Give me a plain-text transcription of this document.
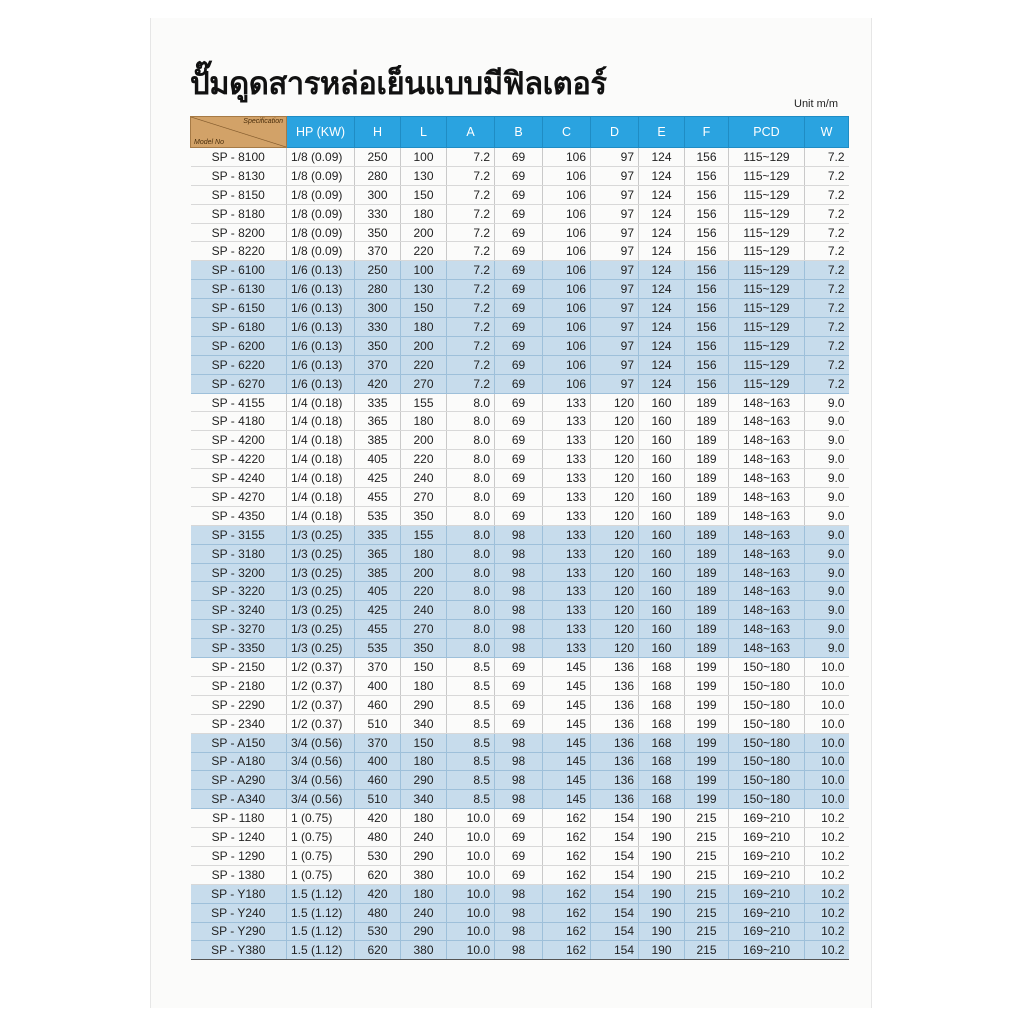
ปั๊มดูดสารหล่อเย็นแบบมีฟิลเตอร์
Unit m/m
Specification
Model No	HP (KW)	H	L	A	B	C	D	E	F	PCD	W
SP - 8100	1/8 (0.09)	250	100	7.2	69	106	97	124	156	115~129	7.2
SP - 8130	1/8 (0.09)	280	130	7.2	69	106	97	124	156	115~129	7.2
SP - 8150	1/8 (0.09)	300	150	7.2	69	106	97	124	156	115~129	7.2
SP - 8180	1/8 (0.09)	330	180	7.2	69	106	97	124	156	115~129	7.2
SP - 8200	1/8 (0.09)	350	200	7.2	69	106	97	124	156	115~129	7.2
SP - 8220	1/8 (0.09)	370	220	7.2	69	106	97	124	156	115~129	7.2
SP - 6100	1/6 (0.13)	250	100	7.2	69	106	97	124	156	115~129	7.2
SP - 6130	1/6 (0.13)	280	130	7.2	69	106	97	124	156	115~129	7.2
SP - 6150	1/6 (0.13)	300	150	7.2	69	106	97	124	156	115~129	7.2
SP - 6180	1/6 (0.13)	330	180	7.2	69	106	97	124	156	115~129	7.2
SP - 6200	1/6 (0.13)	350	200	7.2	69	106	97	124	156	115~129	7.2
SP - 6220	1/6 (0.13)	370	220	7.2	69	106	97	124	156	115~129	7.2
SP - 6270	1/6 (0.13)	420	270	7.2	69	106	97	124	156	115~129	7.2
SP - 4155	1/4 (0.18)	335	155	8.0	69	133	120	160	189	148~163	9.0
SP - 4180	1/4 (0.18)	365	180	8.0	69	133	120	160	189	148~163	9.0
SP - 4200	1/4 (0.18)	385	200	8.0	69	133	120	160	189	148~163	9.0
SP - 4220	1/4 (0.18)	405	220	8.0	69	133	120	160	189	148~163	9.0
SP - 4240	1/4 (0.18)	425	240	8.0	69	133	120	160	189	148~163	9.0
SP - 4270	1/4 (0.18)	455	270	8.0	69	133	120	160	189	148~163	9.0
SP - 4350	1/4 (0.18)	535	350	8.0	69	133	120	160	189	148~163	9.0
SP - 3155	1/3 (0.25)	335	155	8.0	98	133	120	160	189	148~163	9.0
SP - 3180	1/3 (0.25)	365	180	8.0	98	133	120	160	189	148~163	9.0
SP - 3200	1/3 (0.25)	385	200	8.0	98	133	120	160	189	148~163	9.0
SP - 3220	1/3 (0.25)	405	220	8.0	98	133	120	160	189	148~163	9.0
SP - 3240	1/3 (0.25)	425	240	8.0	98	133	120	160	189	148~163	9.0
SP - 3270	1/3 (0.25)	455	270	8.0	98	133	120	160	189	148~163	9.0
SP - 3350	1/3 (0.25)	535	350	8.0	98	133	120	160	189	148~163	9.0
SP - 2150	1/2 (0.37)	370	150	8.5	69	145	136	168	199	150~180	10.0
SP - 2180	1/2 (0.37)	400	180	8.5	69	145	136	168	199	150~180	10.0
SP - 2290	1/2 (0.37)	460	290	8.5	69	145	136	168	199	150~180	10.0
SP - 2340	1/2 (0.37)	510	340	8.5	69	145	136	168	199	150~180	10.0
SP - A150	3/4 (0.56)	370	150	8.5	98	145	136	168	199	150~180	10.0
SP - A180	3/4 (0.56)	400	180	8.5	98	145	136	168	199	150~180	10.0
SP - A290	3/4 (0.56)	460	290	8.5	98	145	136	168	199	150~180	10.0
SP - A340	3/4 (0.56)	510	340	8.5	98	145	136	168	199	150~180	10.0
SP - 1180	1 (0.75)	420	180	10.0	69	162	154	190	215	169~210	10.2
SP - 1240	1 (0.75)	480	240	10.0	69	162	154	190	215	169~210	10.2
SP - 1290	1 (0.75)	530	290	10.0	69	162	154	190	215	169~210	10.2
SP - 1380	1 (0.75)	620	380	10.0	69	162	154	190	215	169~210	10.2
SP - Y180	1.5 (1.12)	420	180	10.0	98	162	154	190	215	169~210	10.2
SP - Y240	1.5 (1.12)	480	240	10.0	98	162	154	190	215	169~210	10.2
SP - Y290	1.5 (1.12)	530	290	10.0	98	162	154	190	215	169~210	10.2
SP - Y380	1.5 (1.12)	620	380	10.0	98	162	154	190	215	169~210	10.2
